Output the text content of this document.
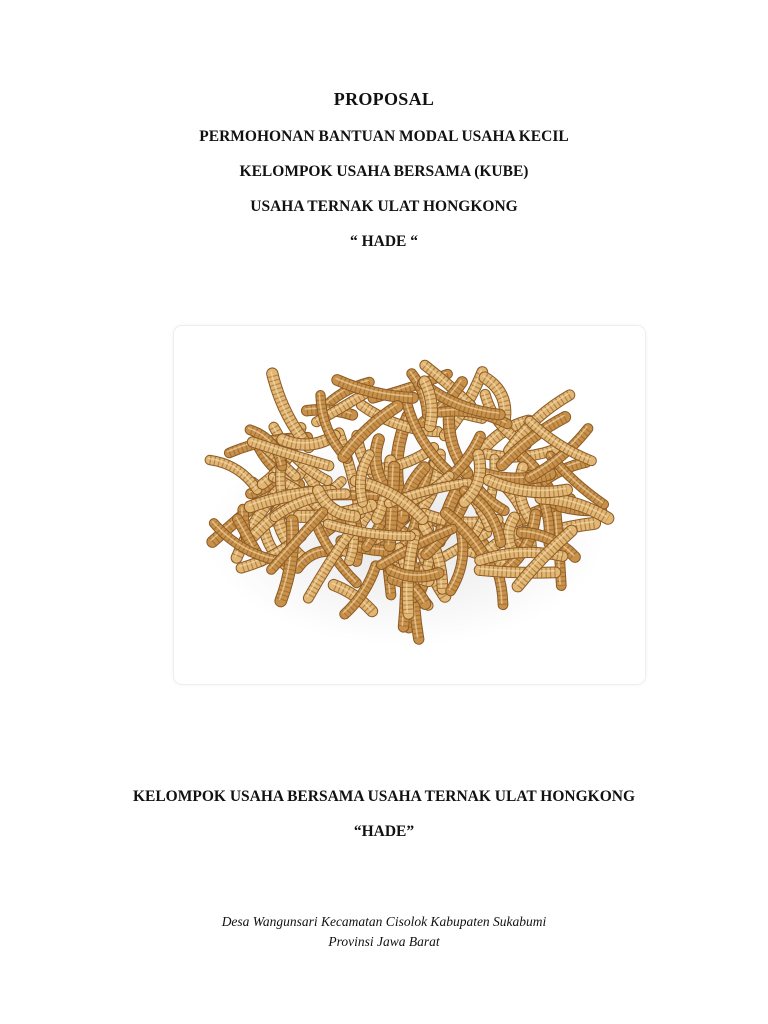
PROPOSAL
PERMOHONAN BANTUAN MODAL USAHA KECIL
KELOMPOK USAHA BERSAMA (KUBE)
USAHA TERNAK ULAT HONGKONG
“ HADE “
KELOMPOK USAHA BERSAMA USAHA TERNAK ULAT HONGKONG
“HADE”
Desa Wangunsari Kecamatan Cisolok Kabupaten Sukabumi
Provinsi Jawa Barat
